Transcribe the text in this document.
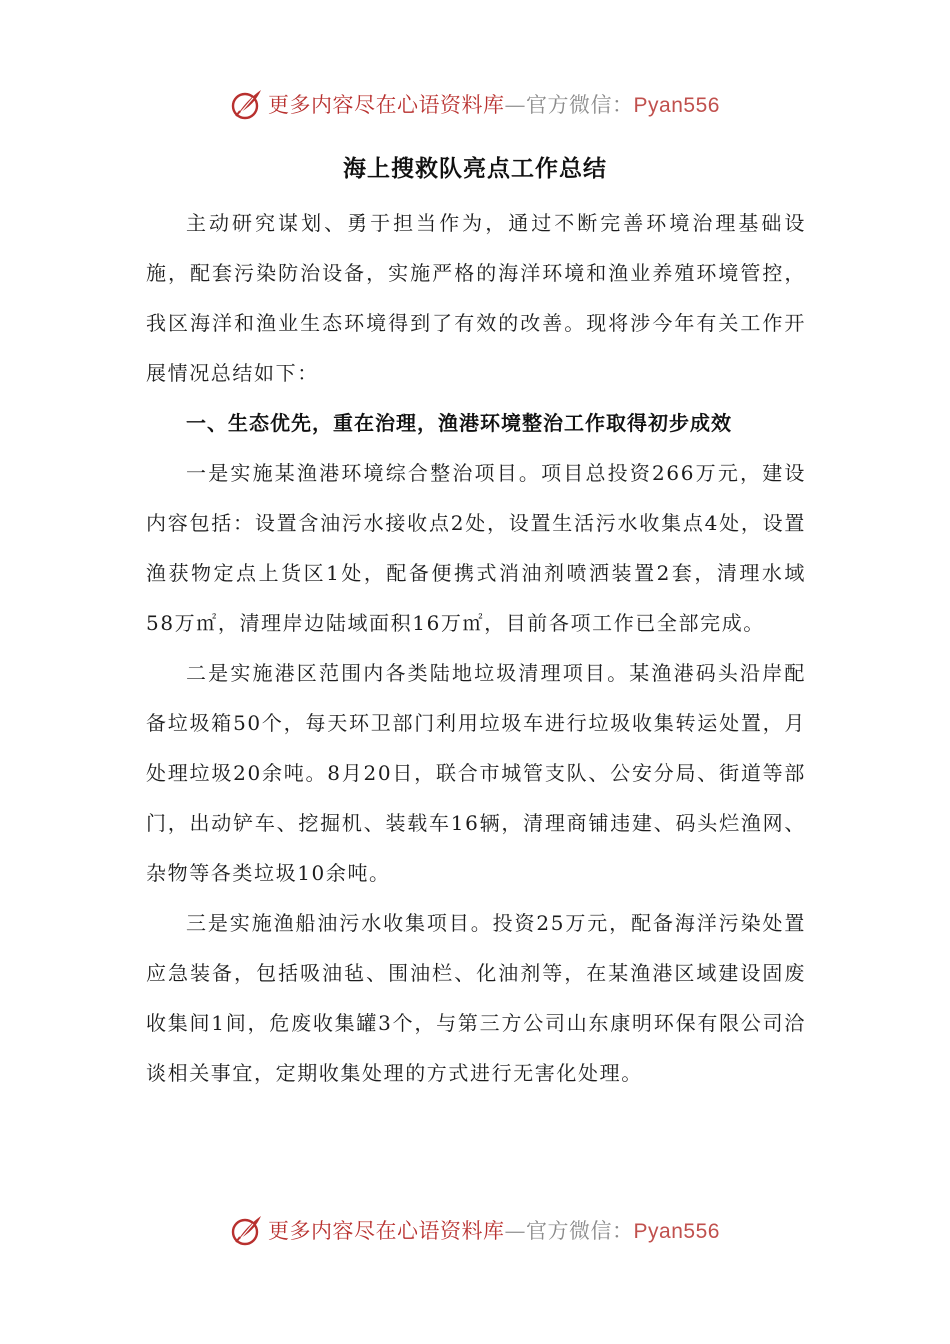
更多内容尽在心语资料库—官方微信：Pyan556
海上搜救队亮点工作总结

主动研究谋划、勇于担当作为，通过不断完善环境治理基础设施，配套污染防治设备，实施严格的海洋环境和渔业养殖环境管控，我区海洋和渔业生态环境得到了有效的改善。现将涉今年有关工作开展情况总结如下：

一、生态优先，重在治理，渔港环境整治工作取得初步成效

一是实施某渔港环境综合整治项目。项目总投资266万元，建设内容包括：设置含油污水接收点2处，设置生活污水收集点4处，设置渔获物定点上货区1处，配备便携式消油剂喷洒装置2套，清理水域58万㎡，清理岸边陆域面积16万㎡，目前各项工作已全部完成。

二是实施港区范围内各类陆地垃圾清理项目。某渔港码头沿岸配备垃圾箱50个，每天环卫部门利用垃圾车进行垃圾收集转运处置，月处理垃圾20余吨。8月20日，联合市城管支队、公安分局、街道等部门，出动铲车、挖掘机、装载车16辆，清理商铺违建、码头烂渔网、杂物等各类垃圾10余吨。

三是实施渔船油污水收集项目。投资25万元，配备海洋污染处置应急装备，包括吸油毡、围油栏、化油剂等，在某渔港区域建设固废收集间1间，危废收集罐3个，与第三方公司山东康明环保有限公司洽谈相关事宜，定期收集处理的方式进行无害化处理。

更多内容尽在心语资料库—官方微信：Pyan556
